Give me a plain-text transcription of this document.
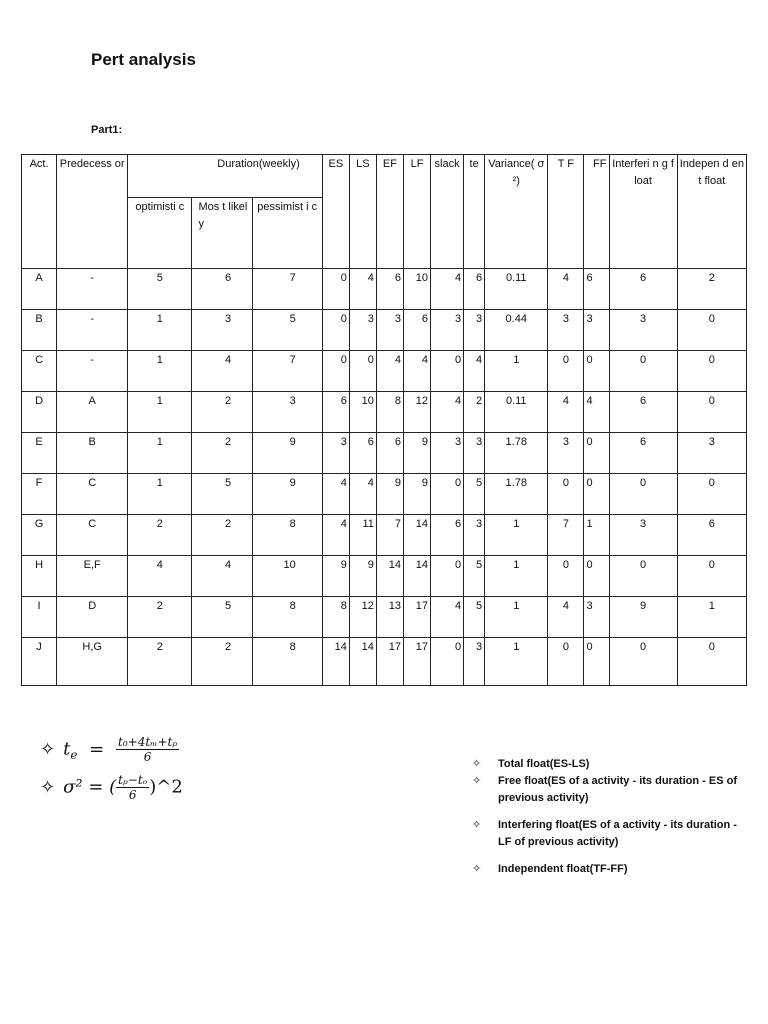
Pert analysis
Part1:
Act.	Predecess or	Duration(weekly)			ES	LS	EF	LF	slack	te	Variance( σ²)	T F	FF	Interferi n g float	Indepen d ent float
		optimisti c	Mos t likel y	pessimist i c											
A	-	5	6	7	0	4	6	10	4	6	0.11	4	6	6	2
B	-	1	3	5	0	3	3	6	3	3	0.44	3	3	3	0
C	-	1	4	7	0	0	4	4	0	4	1	0	0	0	0
D	A	1	2	3	6	10	8	12	4	2	0.11	4	4	6	0
E	B	1	2	9	3	6	6	9	3	3	1.78	3	0	6	3
F	C	1	5	9	4	4	9	9	0	5	1.78	0	0	0	0
G	C	2	2	8	4	11	7	14	6	3	1	7	1	3	6
H	E,F	4	4	10	9	9	14	14	0	5	1	0	0	0	0
I	D	2	5	8	8	12	13	17	4	5	1	4	3	9	1
J	H,G	2	2	8	14	14	17	17	0	3	1	0	0	0	0
✧ $t_e = \frac{\text{t₀+4tₘ+tₚ}}{6}$
✧ σ² = ( $\frac{\text{tₚ−tₒ}}{6}$ )^2
✧ Total float(ES-LS)
✧ Free float(ES of a activity - its duration - ES of previous activity)
✧ Interfering float(ES of a activity - its duration -LF of previous activity)
✧ Independent float(TF-FF)
